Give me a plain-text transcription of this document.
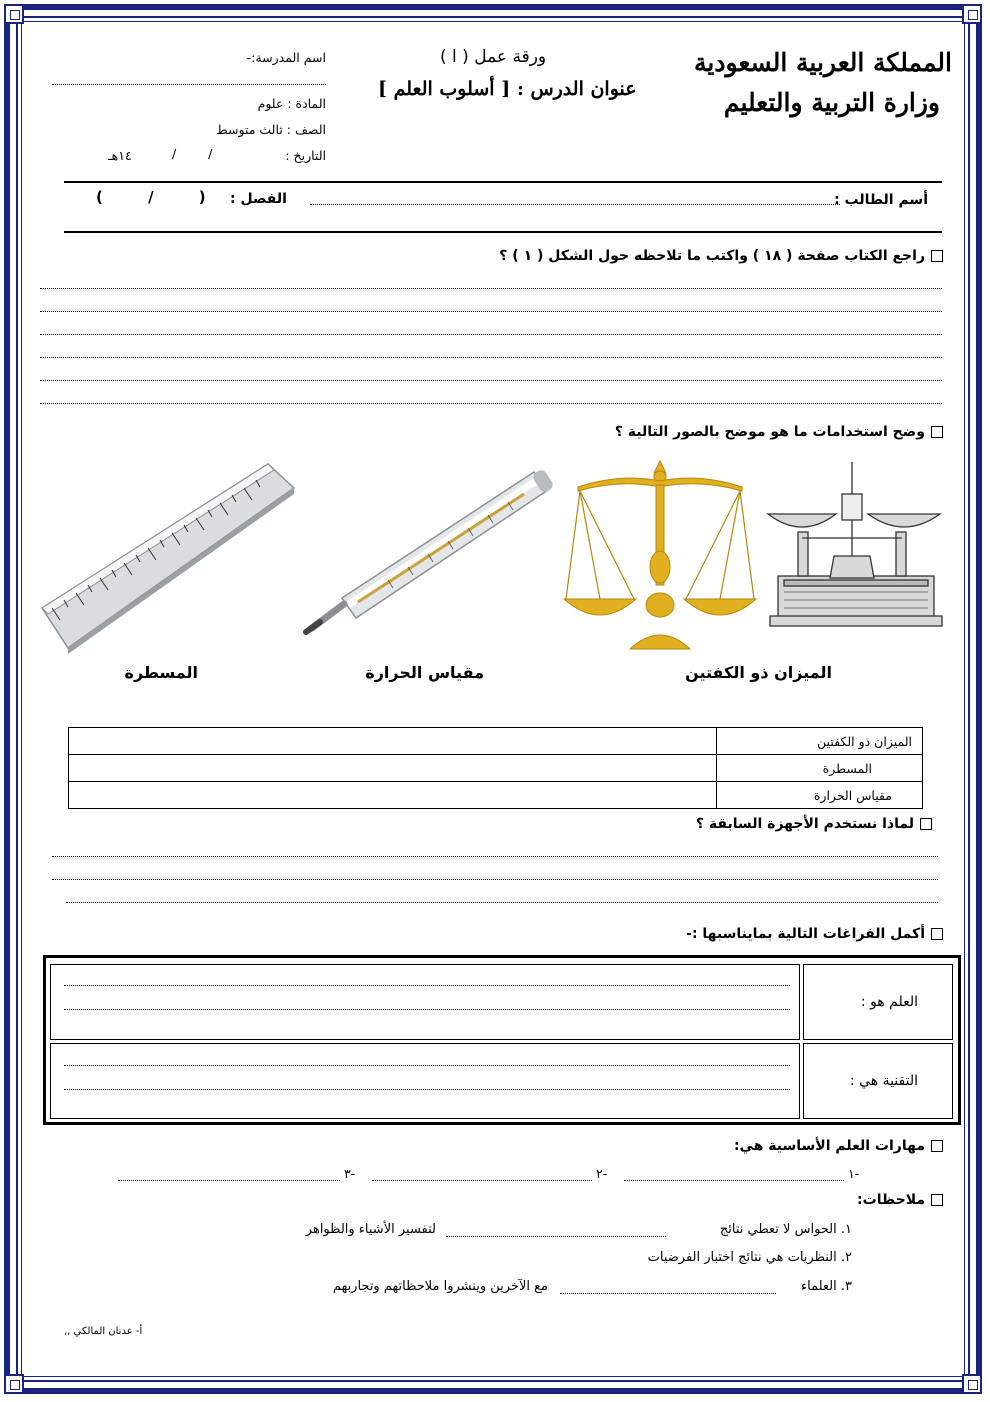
المملكة العربية السعودية
وزارة التربية والتعليم
ورقة عمل ( ا )
عنوان الدرس : [ أسلوب العلم ]
اسم المدرسة:-
المادة : علوم
الصف : ثالث متوسط
التاريخ :
/ /
١٤هـ
أسم الطالب :
الفصل :
( / )
راجع الكتاب صفحة ( ١٨ ) واكتب ما تلاحظه حول الشكل ( ١ ) ؟
وضح استخدامات ما هو موضح بالصور التالية ؟
الميزان ذو الكفتين
مقياس الحرارة
المسطرة
الميزان ذو الكفتين	
المسطرة	
مقياس الحرارة	
لماذا نستخدم الأجهزة السابقة ؟
أكمل الفراغات التالية بمايناسبها :-
العلم هو :
التقنية هي :
مهارات العلم الأساسية هي:
١-
٢-
٣-
ملاحظات:
١. الحواس لا تعطي نتائج
لتفسير الأشياء والظواهر
٢. النظريات هي نتائج اختبار الفرضيات
٣. العلماء
مع الآخرين وينشروا ملاحظاتهم وتجاربهم
أ- عدنان المالكي ,,
